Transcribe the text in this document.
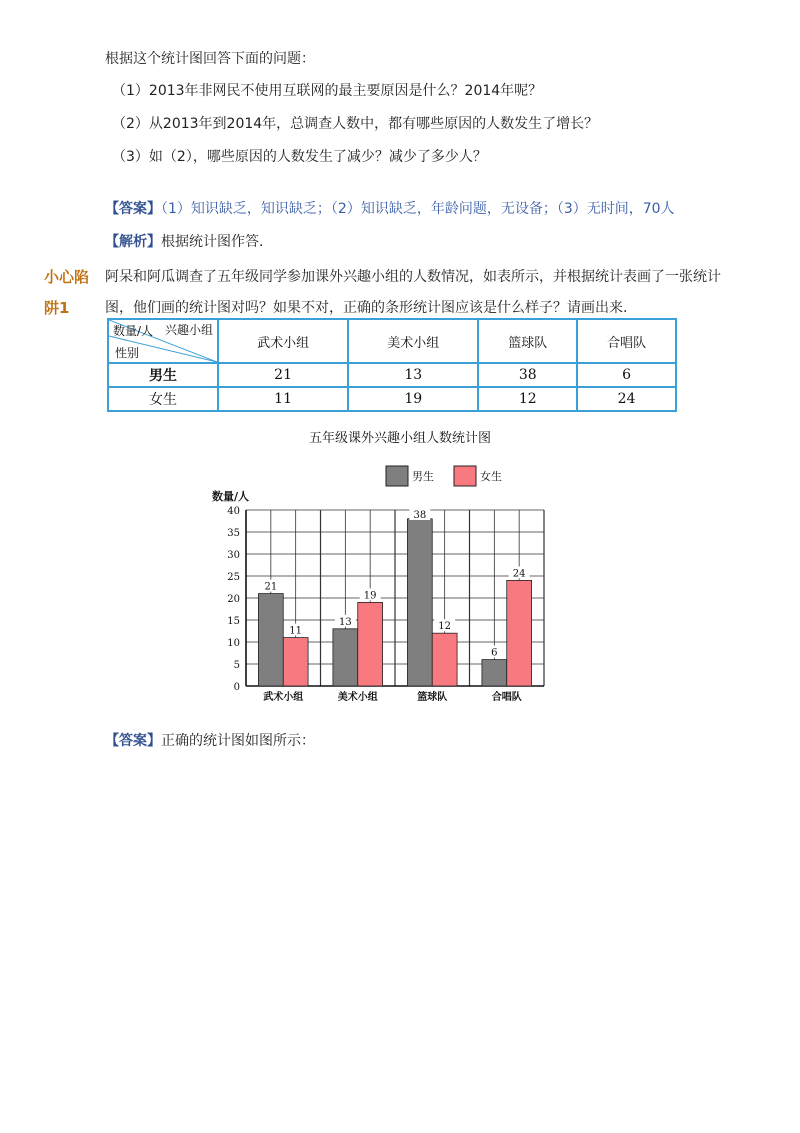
根据这个统计图回答下面的问题：
（1）2013年非网民不使用互联网的最主要原因是什么？2014年呢？
（2）从2013年到2014年，总调查人数中，都有哪些原因的人数发生了增长？
（3）如（2），哪些原因的人数发生了减少？减少了多少人？
【答案】（1）知识缺乏，知识缺乏；（2）知识缺乏，年龄问题，无设备；（3）无时间，70人
【解析】根据统计图作答.
小心陷阱1
阿呆和阿瓜调查了五年级同学参加课外兴趣小组的人数情况，如表所示，并根据统计表画了一张统计图，他们画的统计图对吗？如果不对，正确的条形统计图应该是什么样子？请画出来.
兴趣小组
数量/人
性别	武术小组	美术小组	篮球队	合唱队
男生	21	13	38	6
女生	11	19	12	24
五年级课外兴趣小组人数统计图
男生	女生
数量/人
0
5
10
15
20
25
30
35
40
21
11
武术小组
13
19
美术小组
38
12
篮球队
6
24
合唱队
【答案】正确的统计图如图所示：
